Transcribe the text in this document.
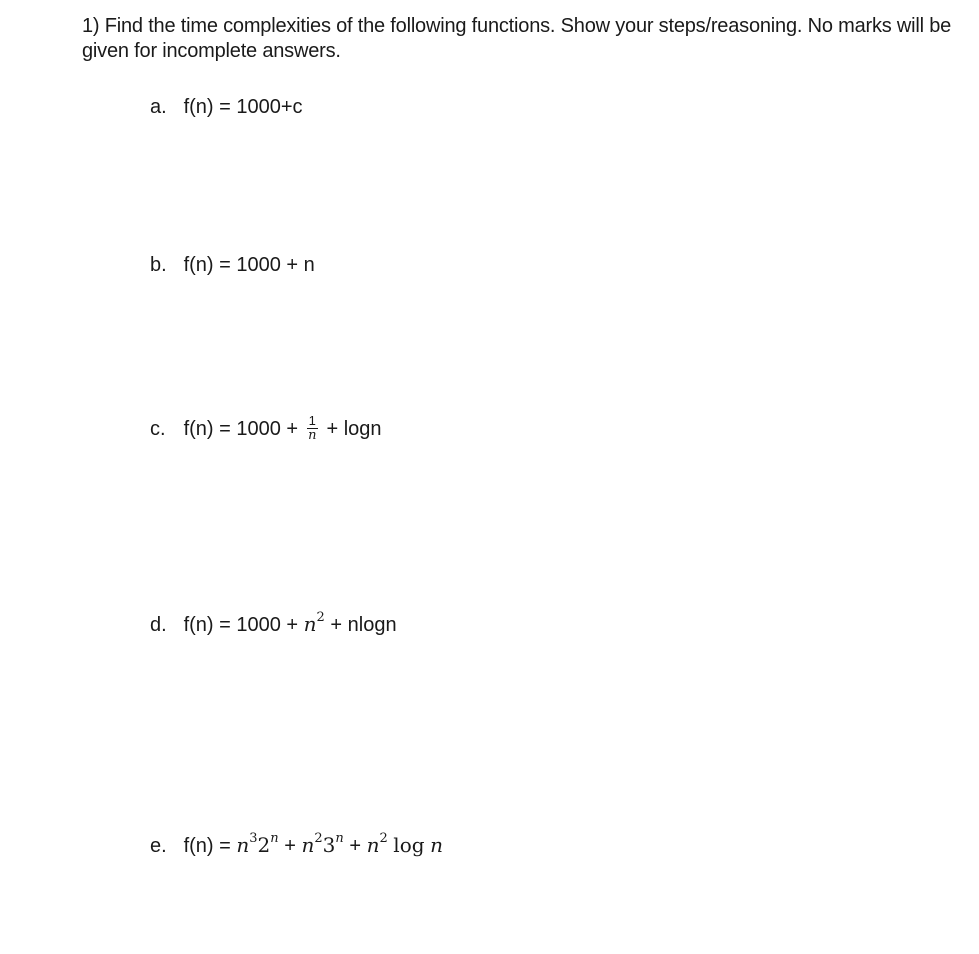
1) Find the time complexities of the following functions. Show your steps/reasoning. No marks will be given for incomplete answers.

a. f(n) = 1000+c
b. f(n) = 1000 + n
c. $f(n) = 1000 + \frac{1}{n} + \log n$
d. $f(n) = 1000 + n^2 + nlogn$
e. $f(n) = n^32^n + n^23^n + n^2$ log n
